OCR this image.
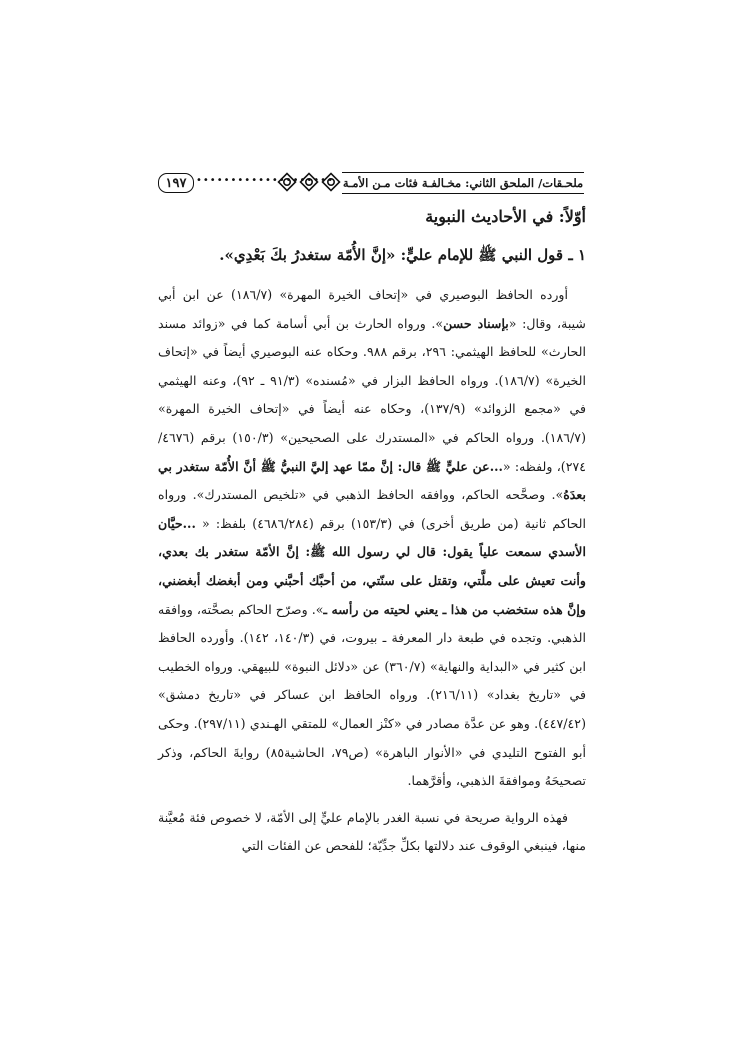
١٩٧ •••••••••••••••••••• ملحـقات/ الملحق الثاني: مخـالفـة فئات مـن الأمـة
أوّلاً: في الأحاديث النبوية
١ ـ قول النبي ﷺ للإمام عليٍّ: «إنَّ الأُمّة ستغدرُ بكَ بَعْدِي».

أورده الحافظ البوصيري في «إتحاف الخيرة المهرة» (١٨٦/٧) عن ابن أبي شيبة، وقال: «بإسناد حسن». ورواه الحارث بن أبي أسامة كما في «زوائد مسند الحارث» للحافظ الهيثمي: ٢٩٦، برقم ٩٨٨. وحكاه عنه البوصيري أيضاً في «إتحاف الخيرة» (١٨٦/٧). ورواه الحافظ البزار في «مُسنده» (٩١/٣ ـ ٩٢)، وعنه الهيثمي في «مجمع الزوائد» (١٣٧/٩)، وحكاه عنه أيضاً في «إتحاف الخيرة المهرة» (١٨٦/٧). ورواه الحاكم في «المستدرك على الصحيحين» (١٥٠/٣) برقم (٤٦٧٦/ ٢٧٤)، ولفظه: «...عن عليٍّ ﷺ قال: إنَّ ممّا عهد إليَّ النبيُّ ﷺ أنَّ الأُمّة ستغدر بي بعدَهُ». وصحَّحه الحاكم، ووافقه الحافظ الذهبي في «تلخيص المستدرك». ورواه الحاكم ثانية (من طريق أخرى) في (١٥٣/٣) برقم (٤٦٨٦/٢٨٤) بلفظ: « ...حيَّان الأسدي سمعت علياً يقول: قال لي رسول الله ﷺ: إنَّ الأمّة ستغدر بك بعدي، وأنت تعيش على ملَّتي، وتقتل على سنّتي، من أحبَّك أحبَّني ومن أبغضك أبغضني، وإنَّ هذه ستخضب من هذا ـ يعني لحيته من رأسه ـ». وصرّح الحاكم بصحَّته، ووافقه الذهبي. وتجده في طبعة دار المعرفة ـ بيروت، في (١٤٠/٣، ١٤٢). وأورده الحافظ ابن كثير في «البداية والنهاية» (٣٦٠/٧) عن «دلائل النبوة» للبيهقي. ورواه الخطيب في «تاريخ بغداد» (٢١٦/١١). ورواه الحافظ ابن عساكر في «تاريخ دمشق» (٤٤٧/٤٢). وهو عن عدَّة مصادر في «كنْز العمال» للمتقي الهـندي (٢٩٧/١١). وحكى أبو الفتوح التليدي في «الأنوار الباهرة» (ص٧٩، الحاشية٨٥) روايةَ الحاكم، وذكر تصحيحَهُ وموافقةَ الذهبي، وأقرَّهما.

فهذه الرواية صريحة في نسبة الغدر بالإمام عليٍّ إلى الأمّة، لا خصوص فئة مُعيَّنة منها، فينبغي الوقوف عند دلالتها بكلِّ جدِّيّة؛ للفحص عن الفئات التي
